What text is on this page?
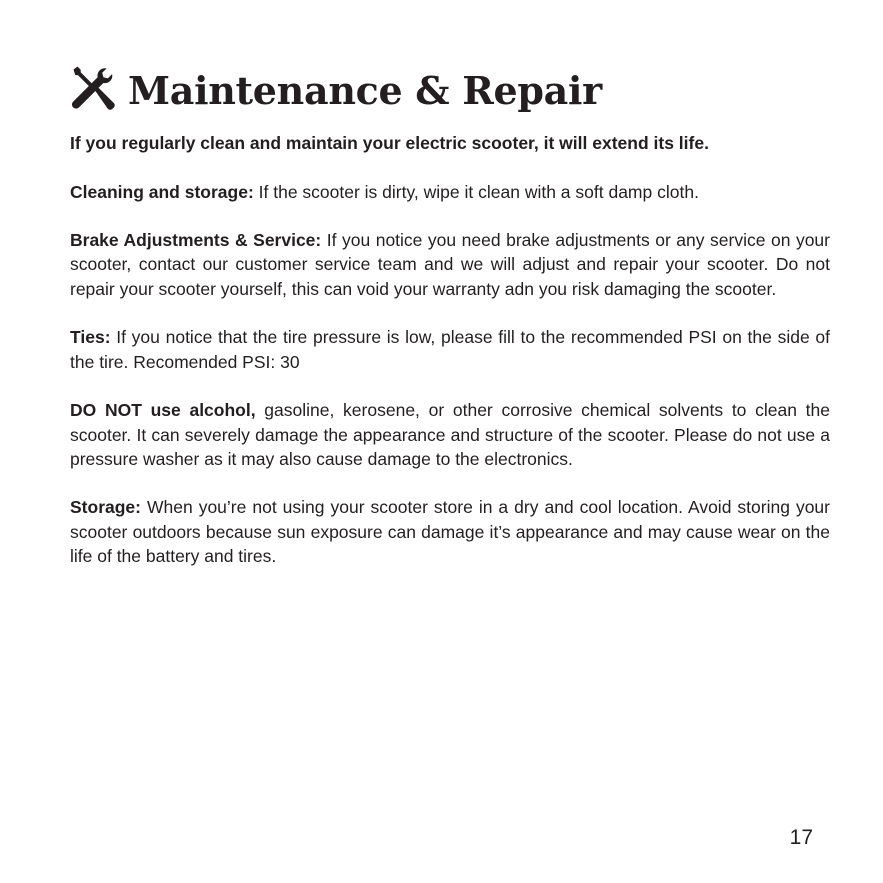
Maintenance & Repair

If you regularly clean and maintain your electric scooter, it will extend its life.

Cleaning and storage: If the scooter is dirty, wipe it clean with a soft damp cloth.

Brake Adjustments & Service: If you notice you need brake adjustments or any service on your scooter, contact our customer service team and we will adjust and repair your scooter. Do not repair your scooter yourself, this can void your warranty adn you risk damaging the scooter.

Ties: If you notice that the tire pressure is low, please fill to the recommended PSI on the side of the tire. Recomended PSI: 30

DO NOT use alcohol, gasoline, kerosene, or other corrosive chemical solvents to clean the scooter. It can severely damage the appearance and structure of the scooter. Please do not use a pressure washer as it may also cause damage to the electronics.

Storage: When you’re not using your scooter store in a dry and cool location. Avoid storing your scooter outdoors because sun exposure can damage it’s appearance and may cause wear on the life of the battery and tires.

17
